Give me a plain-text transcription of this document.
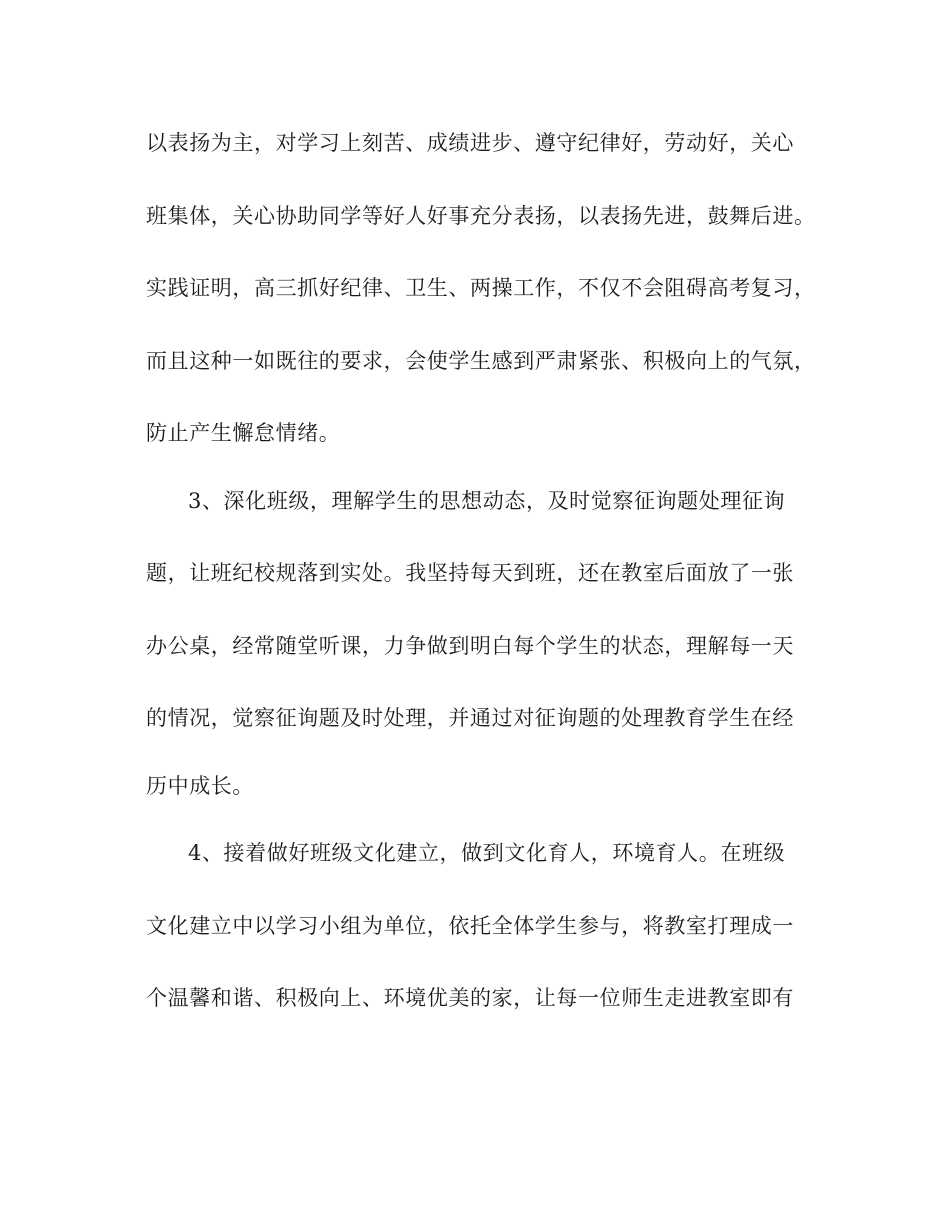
以表扬为主，对学习上刻苦、成绩进步、遵守纪律好，劳动好，关心
班集体，关心协助同学等好人好事充分表扬，以表扬先进，鼓舞后进。
实践证明，高三抓好纪律、卫生、两操工作，不仅不会阻碍高考复习，
而且这种一如既往的要求，会使学生感到严肃紧张、积极向上的气氛，
防止产生懈怠情绪。
3、深化班级，理解学生的思想动态，及时觉察征询题处理征询
题，让班纪校规落到实处。我坚持每天到班，还在教室后面放了一张
办公桌，经常随堂听课，力争做到明白每个学生的状态，理解每一天
的情况，觉察征询题及时处理，并通过对征询题的处理教育学生在经
历中成长。
4、接着做好班级文化建立，做到文化育人，环境育人。在班级
文化建立中以学习小组为单位，依托全体学生参与，将教室打理成一
个温馨和谐、积极向上、环境优美的家，让每一位师生走进教室即有
